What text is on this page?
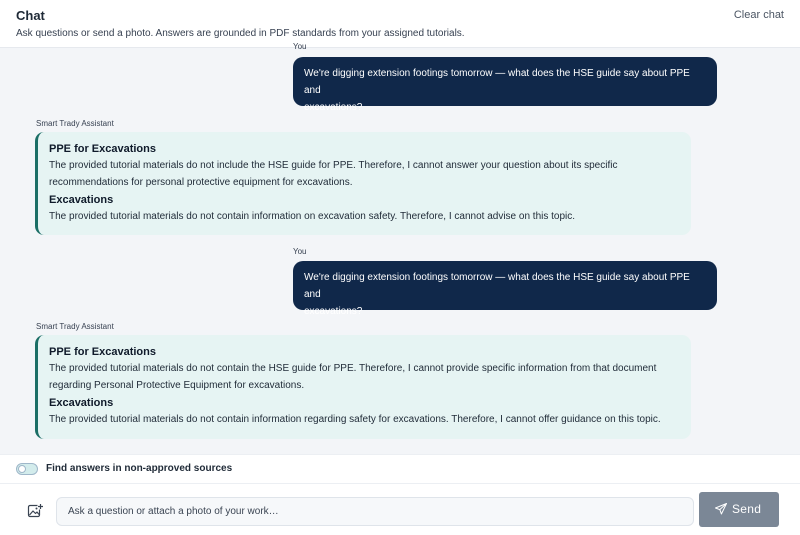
Chat
Ask questions or send a photo. Answers are grounded in PDF standards from your assigned tutorials.
Clear chat
You
We're digging extension footings tomorrow — what does the HSE guide say about PPE and
excavations?
Smart Trady Assistant
PPE for Excavations
The provided tutorial materials do not include the HSE guide for PPE. Therefore, I cannot answer your question about its specific
recommendations for personal protective equipment for excavations.
Excavations
The provided tutorial materials do not contain information on excavation safety. Therefore, I cannot advise on this topic.
You
We're digging extension footings tomorrow — what does the HSE guide say about PPE and
excavations?
Smart Trady Assistant
PPE for Excavations
The provided tutorial materials do not contain the HSE guide for PPE. Therefore, I cannot provide specific information from that document
regarding Personal Protective Equipment for excavations.
Excavations
The provided tutorial materials do not contain information regarding safety for excavations. Therefore, I cannot offer guidance on this topic.
Find answers in non-approved sources
Ask a question or attach a photo of your work…
Send
